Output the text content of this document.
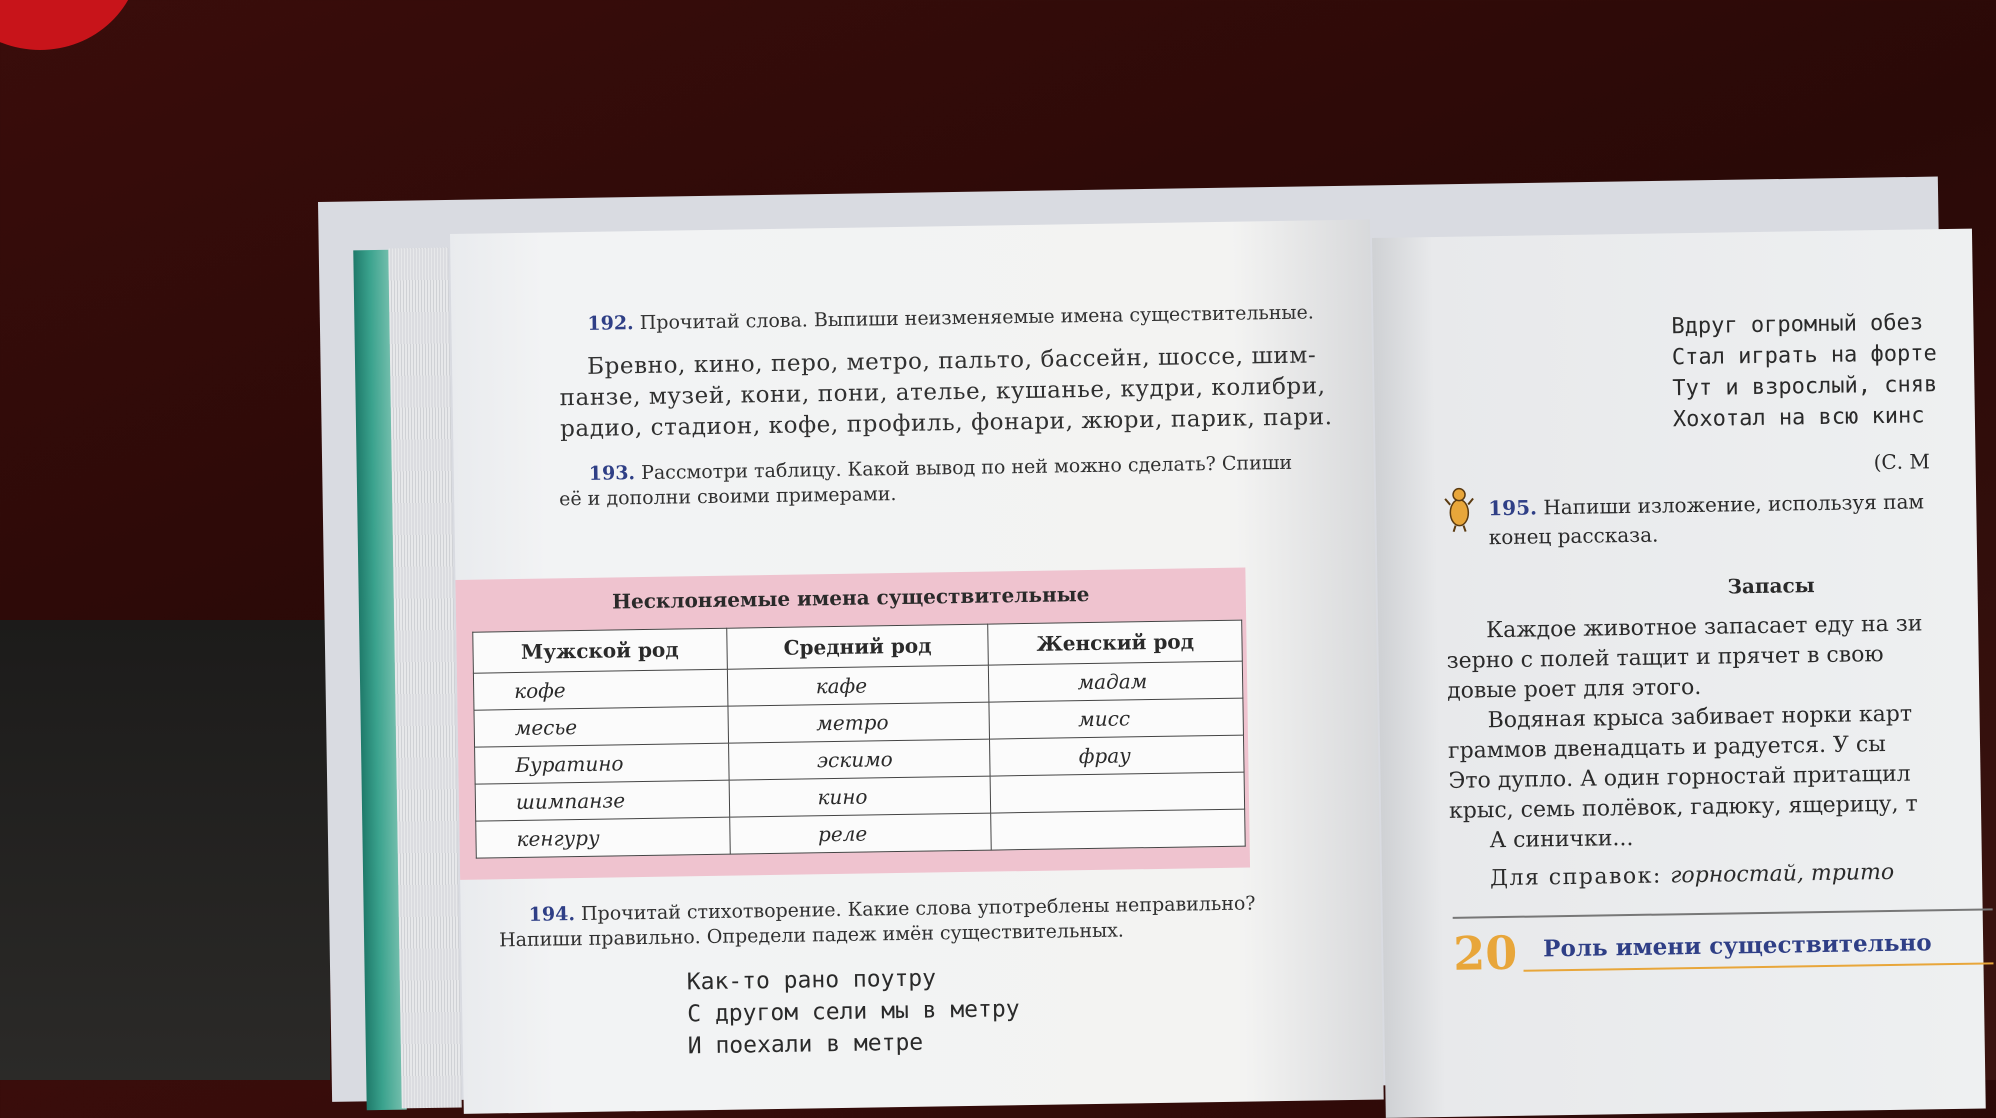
192. Прочитай слова. Выпиши неизменяемые имена существительные.
Бревно, кино, перо, метро, пальто, бассейн, шоссе, шим-
панзе, музей, кони, пони, ателье, кушанье, кудри, колибри,
радио, стадион, кофе, профиль, фонари, жюри, парик, пари.
193. Рассмотри таблицу. Какой вывод по ней можно сделать? Спиши
её и дополни своими примерами.
Несклоняемые имена существительные
Мужской род	Средний род	Женский род
кофе	кафе	мадам
месье	метро	мисс
Буратино	эскимо	фрау
шимпанзе	кино	
кенгуру	реле	
194. Прочитай стихотворение. Какие слова употреблены неправильно?
Напиши правильно. Определи падеж имён существительных.
Как-то рано поутру
С другом сели мы в метру
И поехали в метре
Вдруг огромный обез
Стал играть на форте
Тут и взрослый, сняв
Хохотал на всю кинс
(С. М
195. Напиши изложение, используя пам
конец рассказа.
Запасы
Каждое животное запасает еду на зи
зерно с полей тащит и прячет в свою
довые роет для этого.
Водяная крыса забивает норки карт
граммов двенадцать и радуется. У сы
Это дупло. А один горностай притащил
крыс, семь полёвок, гадюку, ящерицу, т
А синички...
Для справок: горностай, трито
20 Роль имени существительно
